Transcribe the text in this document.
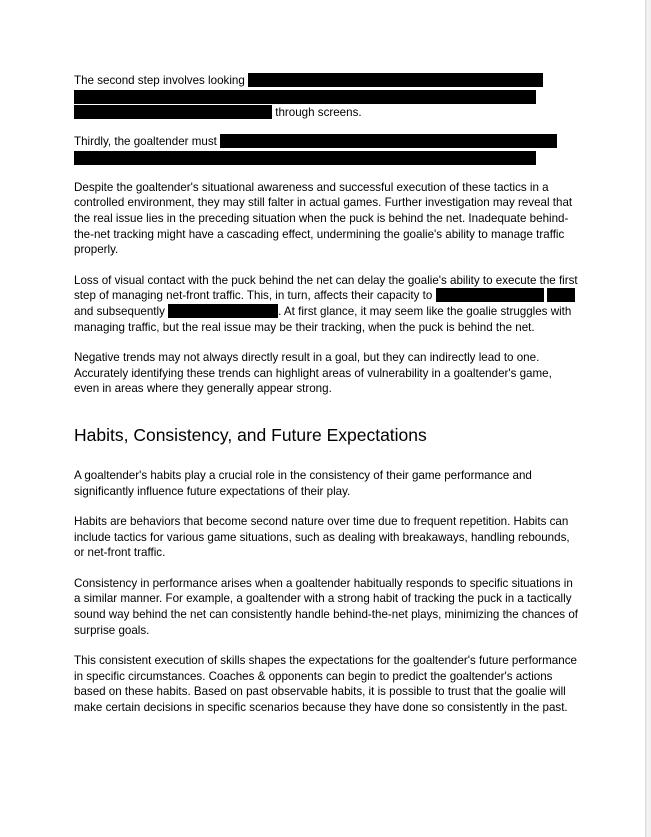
The second step involves looking
through screens.

Thirdly, the goaltender must

Despite the goaltender's situational awareness and successful execution of these tactics in a controlled environment, they may still falter in actual games. Further investigation may reveal that the real issue lies in the preceding situation when the puck is behind the net. Inadequate behind-the-net tracking might have a cascading effect, undermining the goalie's ability to manage traffic properly.

Loss of visual contact with the puck behind the net can delay the goalie's ability to execute the first step of managing net-front traffic. This, in turn, affects their capacity to   and subsequently	. At first glance, it may seem like the goalie struggles with managing traffic, but the real issue may be their tracking, when the puck is behind the net.

Negative trends may not always directly result in a goal, but they can indirectly lead to one. Accurately identifying these trends can highlight areas of vulnerability in a goaltender's game, even in areas where they generally appear strong.

Habits, Consistency, and Future Expectations

A goaltender's habits play a crucial role in the consistency of their game performance and significantly influence future expectations of their play.

Habits are behaviors that become second nature over time due to frequent repetition. Habits can include tactics for various game situations, such as dealing with breakaways, handling rebounds, or net-front traffic.

Consistency in performance arises when a goaltender habitually responds to specific situations in a similar manner. For example, a goaltender with a strong habit of tracking the puck in a tactically sound way behind the net can consistently handle behind-the-net plays, minimizing the chances of surprise goals.

This consistent execution of skills shapes the expectations for the goaltender's future performance in specific circumstances. Coaches & opponents can begin to predict the goaltender's actions based on these habits. Based on past observable habits, it is possible to trust that the goalie will make certain decisions in specific scenarios because they have done so consistently in the past.
